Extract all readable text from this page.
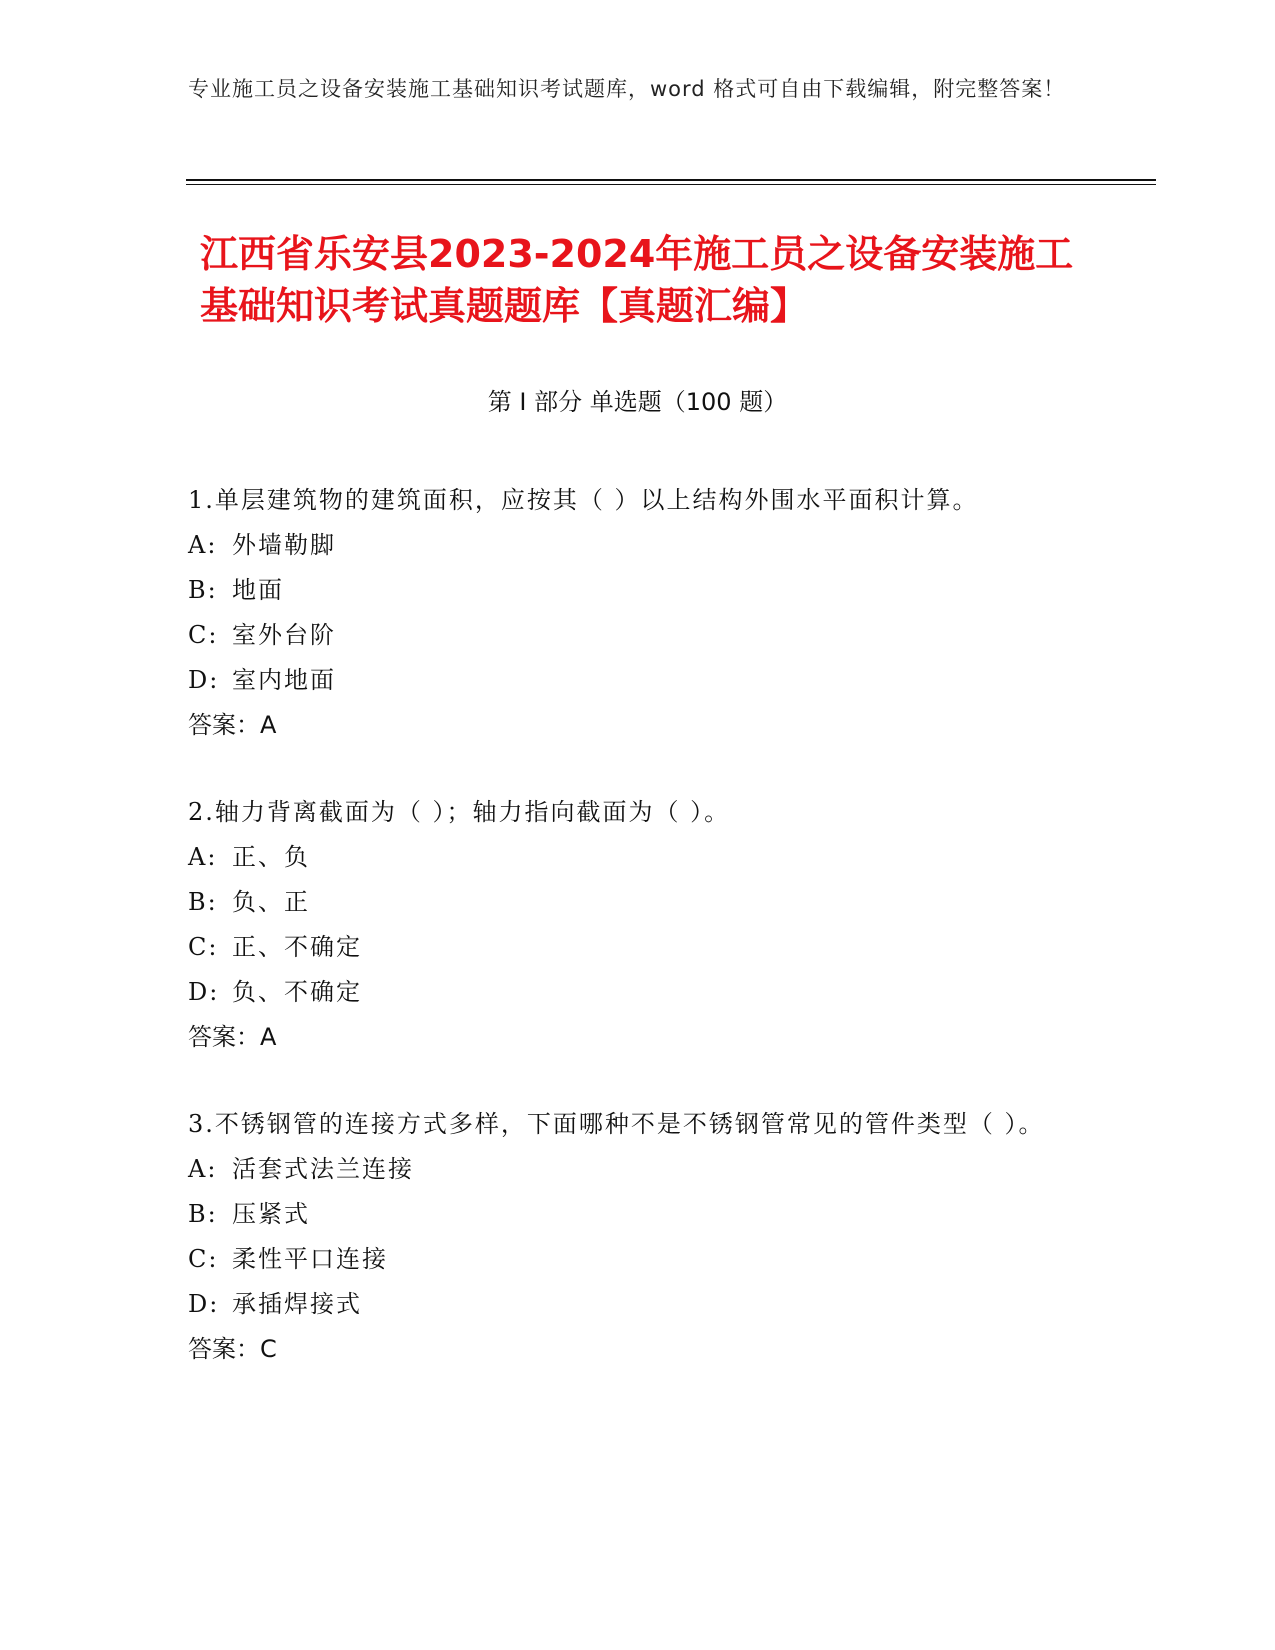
专业施工员之设备安装施工基础知识考试题库，word 格式可自由下载编辑，附完整答案！
江西省乐安县2023-2024年施工员之设备安装施工基础知识考试真题题库【真题汇编】
第 I 部分 单选题（100 题）
1.单层建筑物的建筑面积，应按其（ ）以上结构外围水平面积计算。
A: 外墙勒脚
B: 地面
C: 室外台阶
D: 室内地面
答案：A
2.轴力背离截面为（ ）；轴力指向截面为（ ）。
A: 正、负
B: 负、正
C: 正、不确定
D: 负、不确定
答案：A
3.不锈钢管的连接方式多样，下面哪种不是不锈钢管常见的管件类型（ ）。
A: 活套式法兰连接
B: 压紧式
C: 柔性平口连接
D: 承插焊接式
答案：C
